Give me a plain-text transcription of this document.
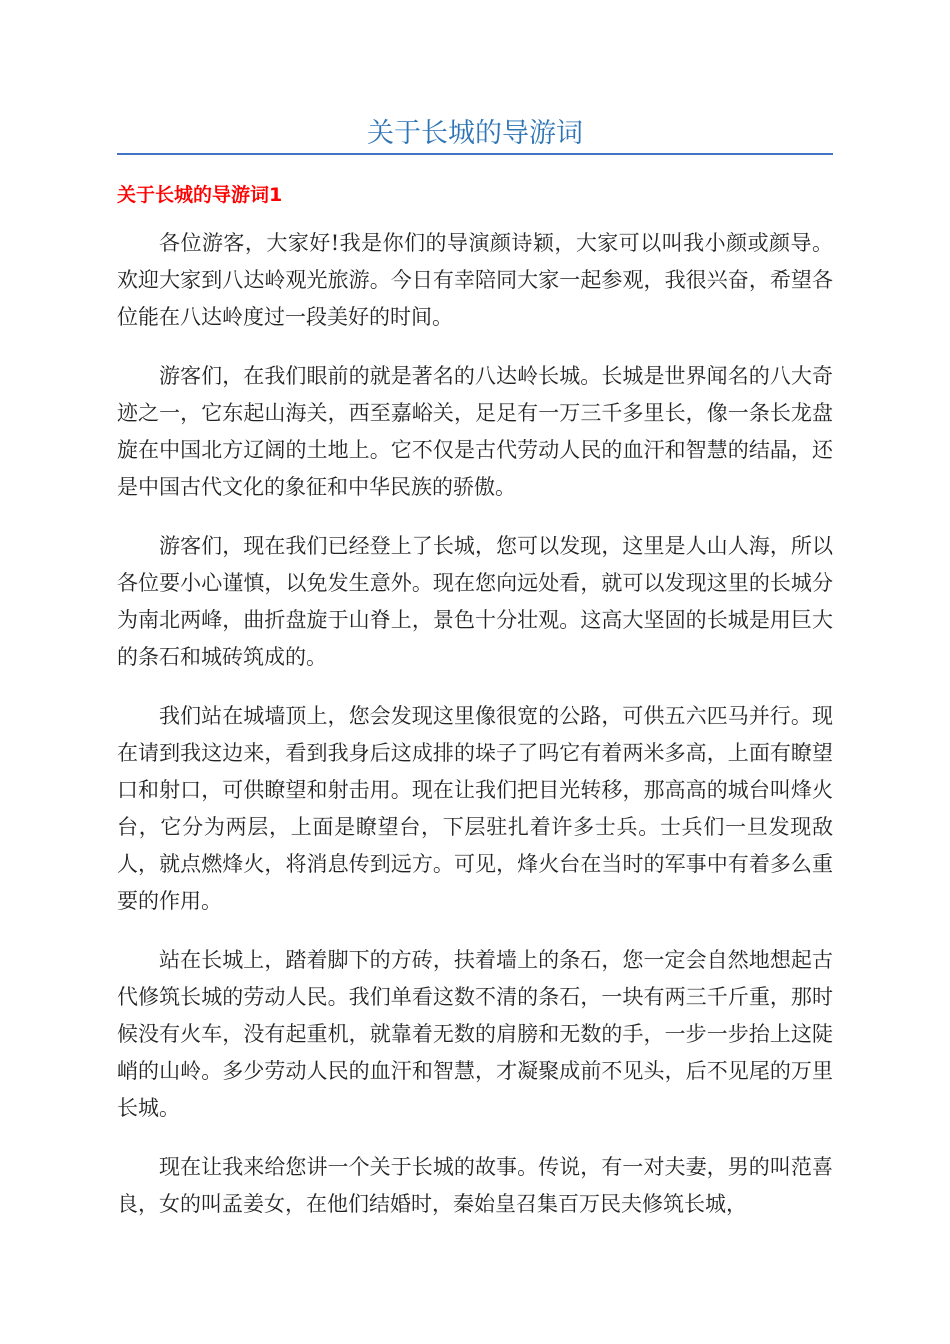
关于长城的导游词
关于长城的导游词1

各位游客，大家好!我是你们的导演颜诗颖，大家可以叫我小颜或颜导。欢迎大家到八达岭观光旅游。今日有幸陪同大家一起参观，我很兴奋，希望各位能在八达岭度过一段美好的时间。

游客们，在我们眼前的就是著名的八达岭长城。长城是世界闻名的八大奇迹之一，它东起山海关，西至嘉峪关，足足有一万三千多里长，像一条长龙盘旋在中国北方辽阔的土地上。它不仅是古代劳动人民的血汗和智慧的结晶，还是中国古代文化的象征和中华民族的骄傲。

游客们，现在我们已经登上了长城，您可以发现，这里是人山人海，所以各位要小心谨慎，以免发生意外。现在您向远处看，就可以发现这里的长城分为南北两峰，曲折盘旋于山脊上，景色十分壮观。这高大坚固的长城是用巨大的条石和城砖筑成的。

我们站在城墙顶上，您会发现这里像很宽的公路，可供五六匹马并行。现在请到我这边来，看到我身后这成排的垛子了吗它有着两米多高，上面有瞭望口和射口，可供瞭望和射击用。现在让我们把目光转移，那高高的城台叫烽火台，它分为两层，上面是瞭望台，下层驻扎着许多士兵。士兵们一旦发现敌人，就点燃烽火，将消息传到远方。可见，烽火台在当时的军事中有着多么重要的作用。

站在长城上，踏着脚下的方砖，扶着墙上的条石，您一定会自然地想起古代修筑长城的劳动人民。我们单看这数不清的条石，一块有两三千斤重，那时候没有火车，没有起重机，就靠着无数的肩膀和无数的手，一步一步抬上这陡峭的山岭。多少劳动人民的血汗和智慧，才凝聚成前不见头，后不见尾的万里长城。

现在让我来给您讲一个关于长城的故事。传说，有一对夫妻，男的叫范喜良，女的叫孟姜女，在他们结婚时，秦始皇召集百万民夫修筑长城，
